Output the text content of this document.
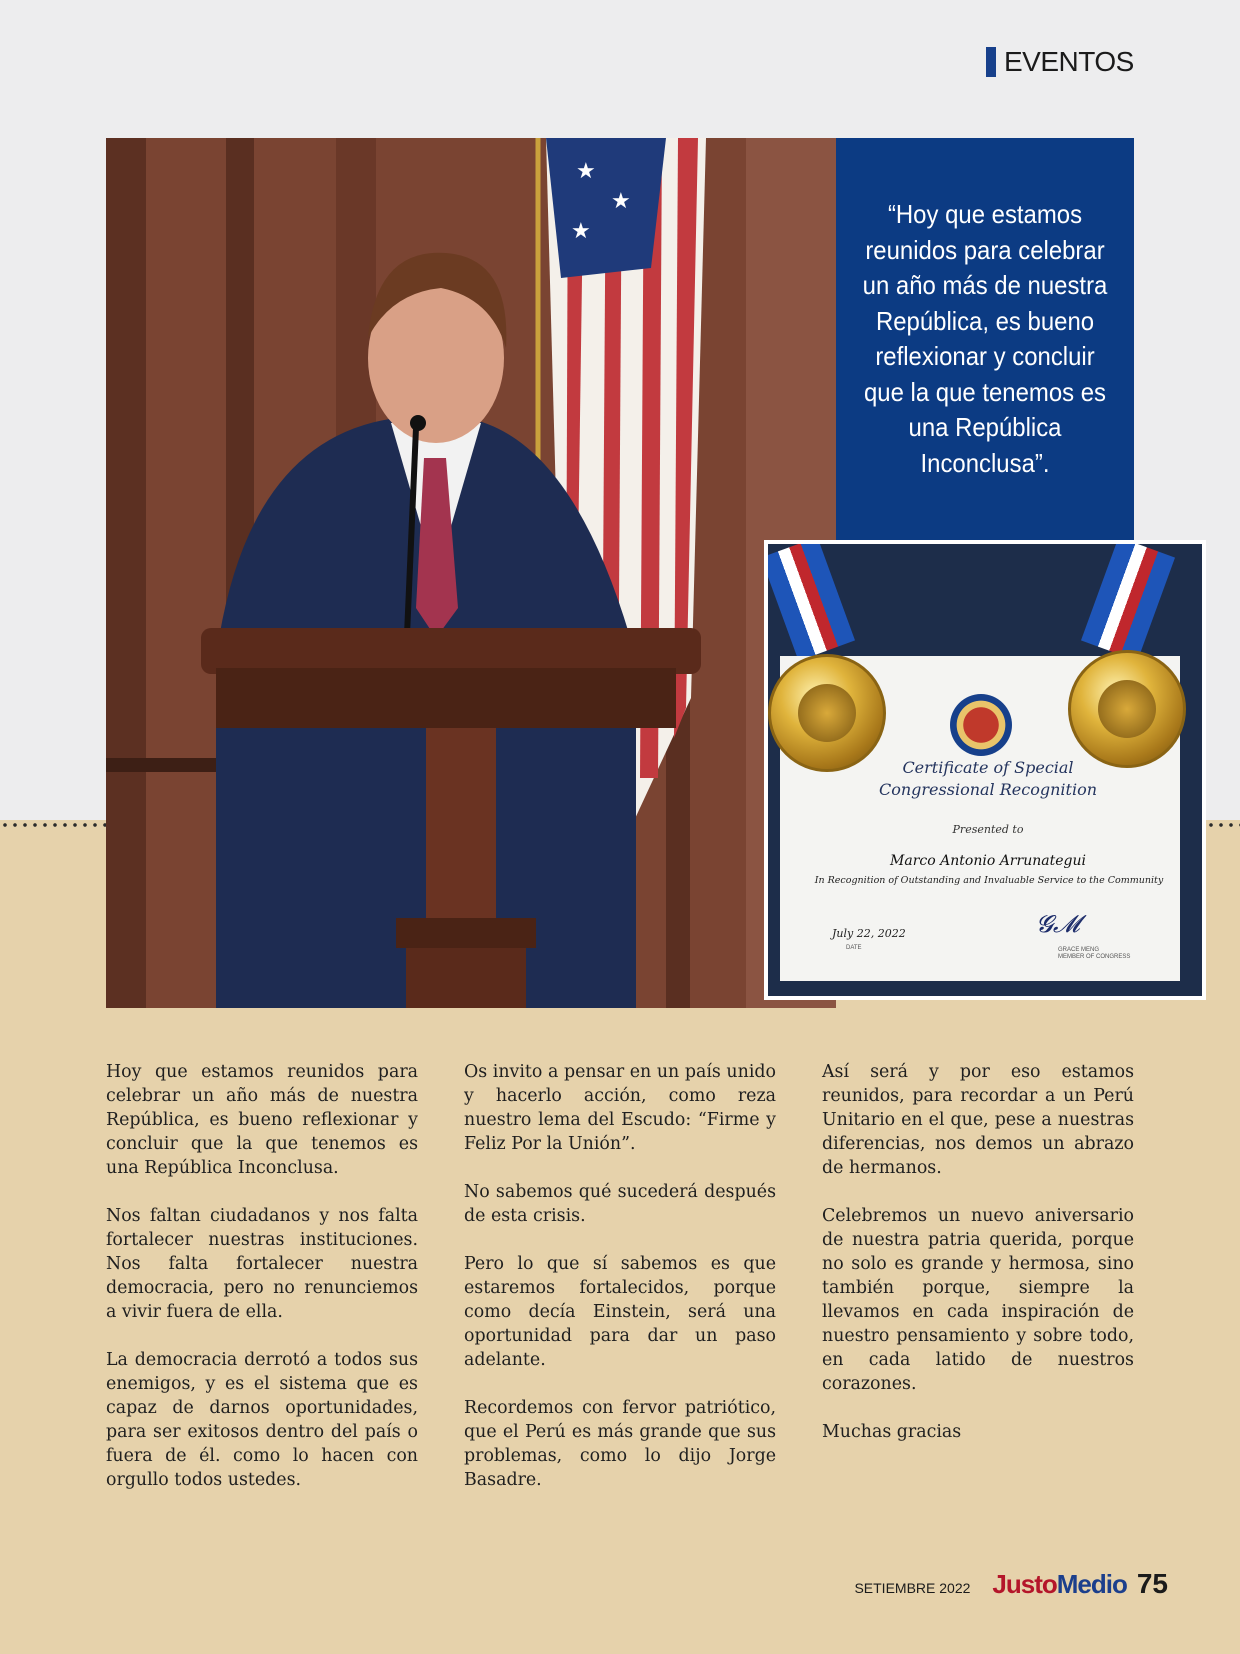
EVENTOS
★
★
★

“Hoy que estamos reunidos para celebrar un año más de nuestra República, es bueno reflexionar y concluir que la que tenemos es una República Inconclusa”.

Certificate of Special
Congressional Recognition
Presented to
Marco Antonio Arrunategui
In Recognition of Outstanding and Invaluable Service to the Community
July 22, 2022
DATE
𝓖𝓜
GRACE MENG
MEMBER OF CONGRESS

Hoy que estamos reunidos para celebrar un año más de nuestra República, es bueno reflexionar y concluir que la que tenemos es una República Inconclusa.

Nos faltan ciudadanos y nos falta fortalecer nuestras instituciones. Nos falta fortalecer nuestra democracia, pero no renunciemos a vivir fuera de ella.

La democracia derrotó a todos sus enemigos, y es el sistema que es capaz de darnos oportunidades, para ser exitosos dentro del país o fuera de él. como lo hacen con orgullo todos ustedes.

Os invito a pensar en un país unido y hacerlo acción, como reza nuestro lema del Escudo: “Firme y Feliz Por la Unión”.

No sabemos qué sucederá después de esta crisis.

Pero lo que sí sabemos es que estaremos fortalecidos, porque como decía Einstein, será una oportunidad para dar un paso adelante.

Recordemos con fervor patriótico, que el Perú es más grande que sus problemas, como lo dijo Jorge Basadre.

Así será y por eso estamos reunidos, para recordar a un Perú Unitario en el que, pese a nuestras diferencias, nos demos un abrazo de hermanos.

Celebremos un nuevo aniversario de nuestra patria querida, porque no solo es grande y hermosa, sino también porque, siempre la llevamos en cada inspiración de nuestro pensamiento y sobre todo, en cada latido de nuestros corazones.

Muchas gracias

SETIEMBRE 2022 JustoMedio 75
